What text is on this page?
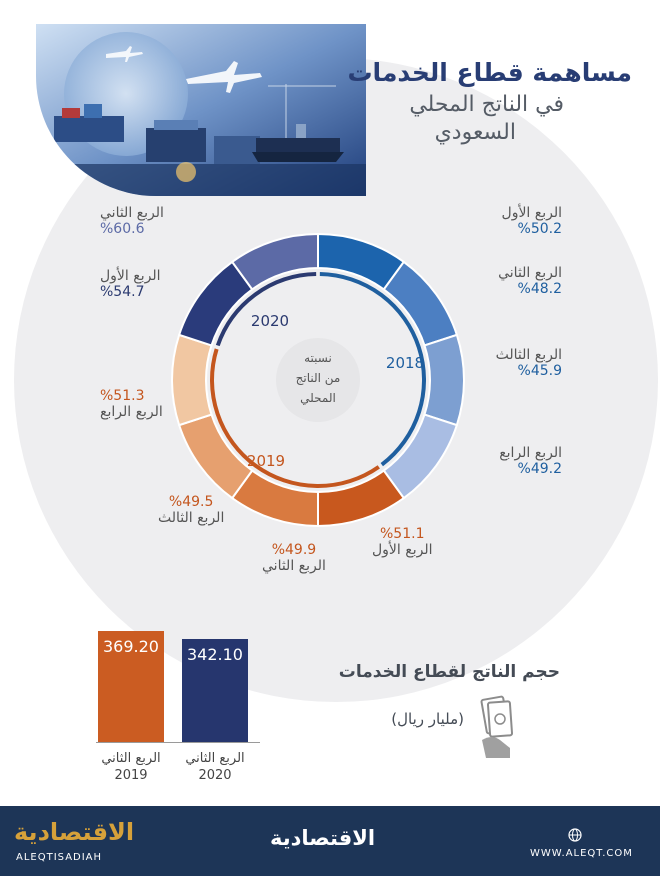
مساهمة قطاع الخدمات
في الناتج المحلي
السعودي
نسبته
من الناتج
المحلي
2018
2019
2020
الربع الأول
%50.2
الربع الثاني
%48.2
الربع الثالث
%45.9
الربع الرابع
%49.2
%51.1
الربع الأول
%49.9
الربع الثاني
%49.5
الربع الثالث
%51.3
الربع الرابع
الربع الأول
%54.7
الربع الثاني
%60.6
369.20	342.10
الربع الثاني
2019
الربع الثاني
2020
حجم الناتج لقطاع الخدمات
(مليار ريال)
الاقتصادية
ALEQTISADIAH
الاقتصادية
WWW.ALEQT.COM
